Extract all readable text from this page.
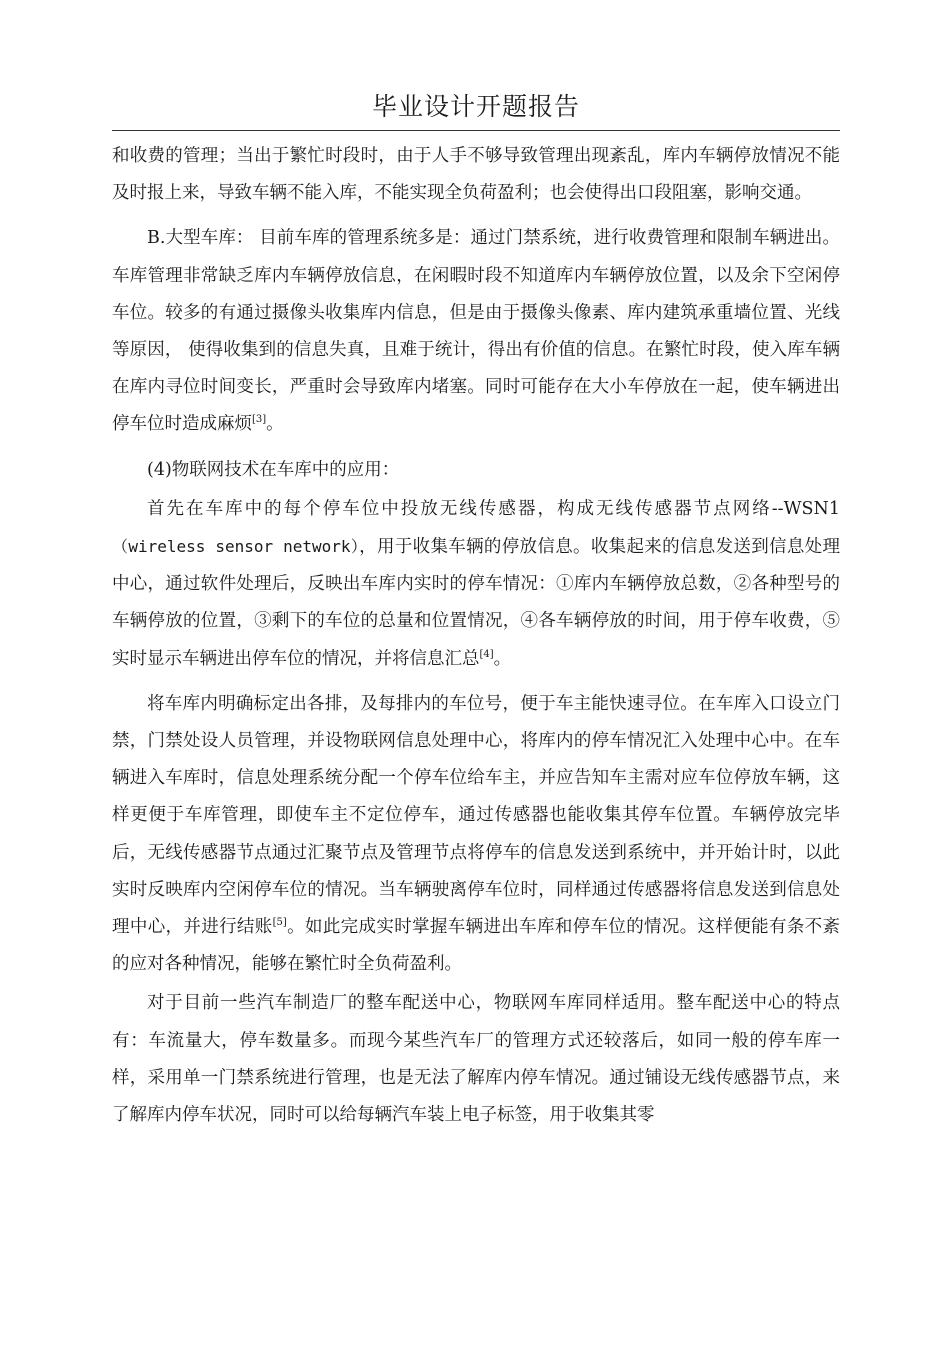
毕业设计开题报告

和收费的管理；当出于繁忙时段时，由于人手不够导致管理出现紊乱，库内车辆停放情况不能及时报上来，导致车辆不能入库，不能实现全负荷盈利；也会使得出口段阻塞，影响交通。

B.大型车库： 目前车库的管理系统多是：通过门禁系统，进行收费管理和限制车辆进出。车库管理非常缺乏库内车辆停放信息，在闲暇时段不知道库内车辆停放位置，以及余下空闲停车位。较多的有通过摄像头收集库内信息，但是由于摄像头像素、库内建筑承重墙位置、光线等原因， 使得收集到的信息失真，且难于统计，得出有价值的信息。在繁忙时段，使入库车辆在库内寻位时间变长，严重时会导致库内堵塞。同时可能存在大小车停放在一起，使车辆进出停车位时造成麻烦[3]。

(4)物联网技术在车库中的应用：

首先在车库中的每个停车位中投放无线传感器，构成无线传感器节点网络--WSN1（wireless sensor network），用于收集车辆的停放信息。收集起来的信息发送到信息处理中心，通过软件处理后，反映出车库内实时的停车情况：①库内车辆停放总数，②各种型号的车辆停放的位置，③剩下的车位的总量和位置情况，④各车辆停放的时间，用于停车收费，⑤实时显示车辆进出停车位的情况，并将信息汇总[4]。

将车库内明确标定出各排，及每排内的车位号，便于车主能快速寻位。在车库入口设立门禁，门禁处设人员管理，并设物联网信息处理中心，将库内的停车情况汇入处理中心中。在车辆进入车库时，信息处理系统分配一个停车位给车主，并应告知车主需对应车位停放车辆，这样更便于车库管理，即使车主不定位停车，通过传感器也能收集其停车位置。车辆停放完毕后，无线传感器节点通过汇聚节点及管理节点将停车的信息发送到系统中，并开始计时，以此实时反映库内空闲停车位的情况。当车辆驶离停车位时，同样通过传感器将信息发送到信息处理中心，并进行结账[5]。如此完成实时掌握车辆进出车库和停车位的情况。这样便能有条不紊的应对各种情况，能够在繁忙时全负荷盈利。

对于目前一些汽车制造厂的整车配送中心，物联网车库同样适用。整车配送中心的特点有：车流量大，停车数量多。而现今某些汽车厂的管理方式还较落后，如同一般的停车库一样，采用单一门禁系统进行管理，也是无法了解库内停车情况。通过铺设无线传感器节点，来了解库内停车状况，同时可以给每辆汽车装上电子标签，用于收集其零
